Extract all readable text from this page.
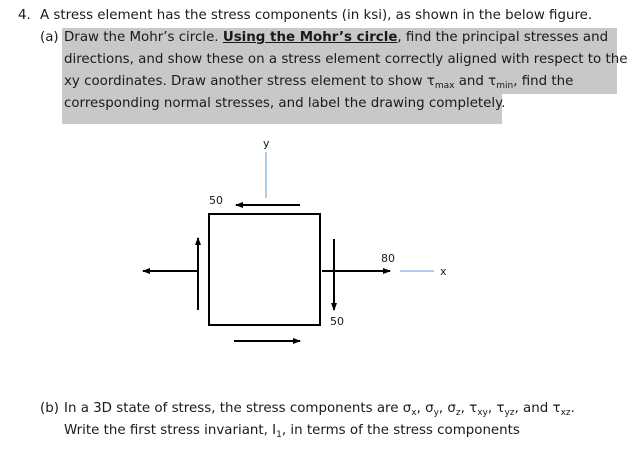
4. A stress element has the stress components (in ksi), as shown in the below figure.
(a) Draw the Mohr’s circle. Using the Mohr’s circle, find the principal stresses and
directions, and show these on a stress element correctly aligned with respect to the
xy coordinates. Draw another stress element to show $\tau_{max}$ and $\tau_{min}$, find the
corresponding normal stresses, and label the drawing completely.
y
x
50
80
50
(b) In a 3D state of stress, the stress components are $\sigma_x$, $\sigma_y$, $\sigma_z$, $\tau_{xy}$, $\tau_{yz}$, and $\tau_{xz}$.
Write the first stress invariant, $I_1$, in terms of the stress components
